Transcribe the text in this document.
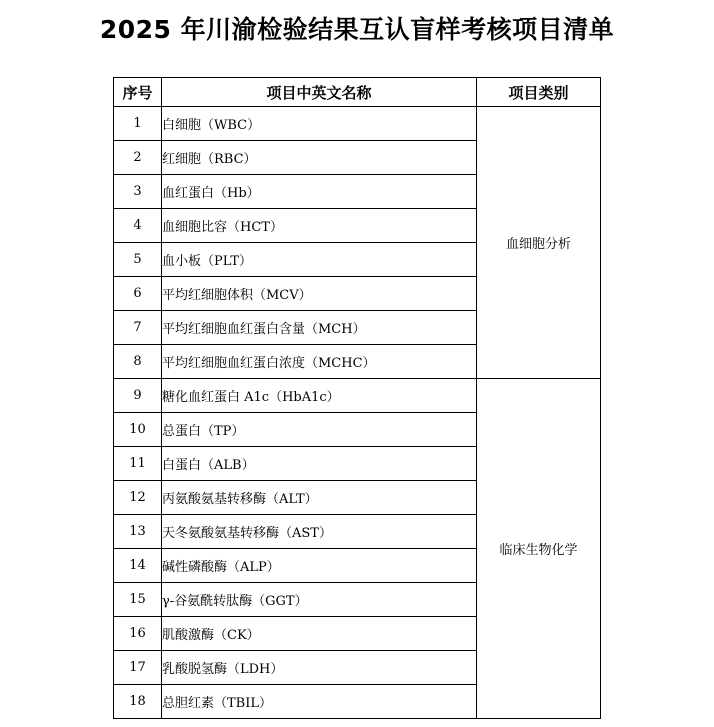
2025 年川渝检验结果互认盲样考核项目清单
序号	项目中英文名称	项目类别
1	白细胞（WBC）	血细胞分析
2	红细胞（RBC）	
3	血红蛋白（Hb）	
4	血细胞比容（HCT）	
5	血小板（PLT）	
6	平均红细胞体积（MCV）	
7	平均红细胞血红蛋白含量（MCH）	
8	平均红细胞血红蛋白浓度（MCHC）	
9	糖化血红蛋白 A1c（HbA1c）	临床生物化学
10	总蛋白（TP）	
11	白蛋白（ALB）	
12	丙氨酸氨基转移酶（ALT）	
13	天冬氨酸氨基转移酶（AST）	
14	碱性磷酸酶（ALP）	
15	γ-谷氨酰转肽酶（GGT）	
16	肌酸激酶（CK）	
17	乳酸脱氢酶（LDH）	
18	总胆红素（TBIL）	
